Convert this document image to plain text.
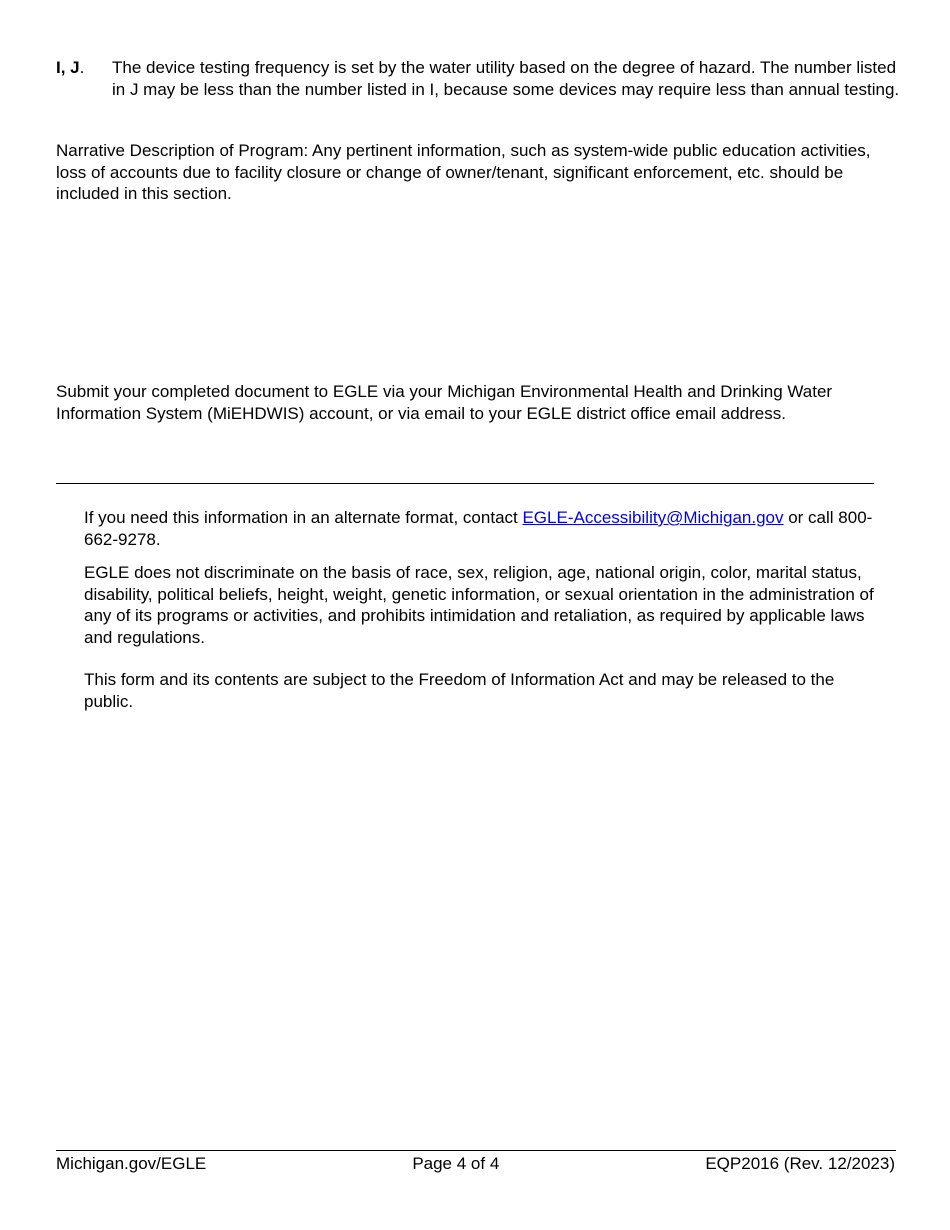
I, J. The device testing frequency is set by the water utility based on the degree of hazard. The number listed in J may be less than the number listed in I, because some devices may require less than annual testing.

Narrative Description of Program: Any pertinent information, such as system-wide public education activities, loss of accounts due to facility closure or change of owner/tenant, significant enforcement, etc. should be included in this section.

Submit your completed document to EGLE via your Michigan Environmental Health and Drinking Water Information System (MiEHDWIS) account, or via email to your EGLE district office email address.

If you need this information in an alternate format, contact EGLE-Accessibility@Michigan.gov or call 800-662-9278.

EGLE does not discriminate on the basis of race, sex, religion, age, national origin, color, marital status, disability, political beliefs, height, weight, genetic information, or sexual orientation in the administration of any of its programs or activities, and prohibits intimidation and retaliation, as required by applicable laws and regulations.

This form and its contents are subject to the Freedom of Information Act and may be released to the public.

Michigan.gov/EGLE	Page 4 of 4	EQP2016 (Rev. 12/2023)
